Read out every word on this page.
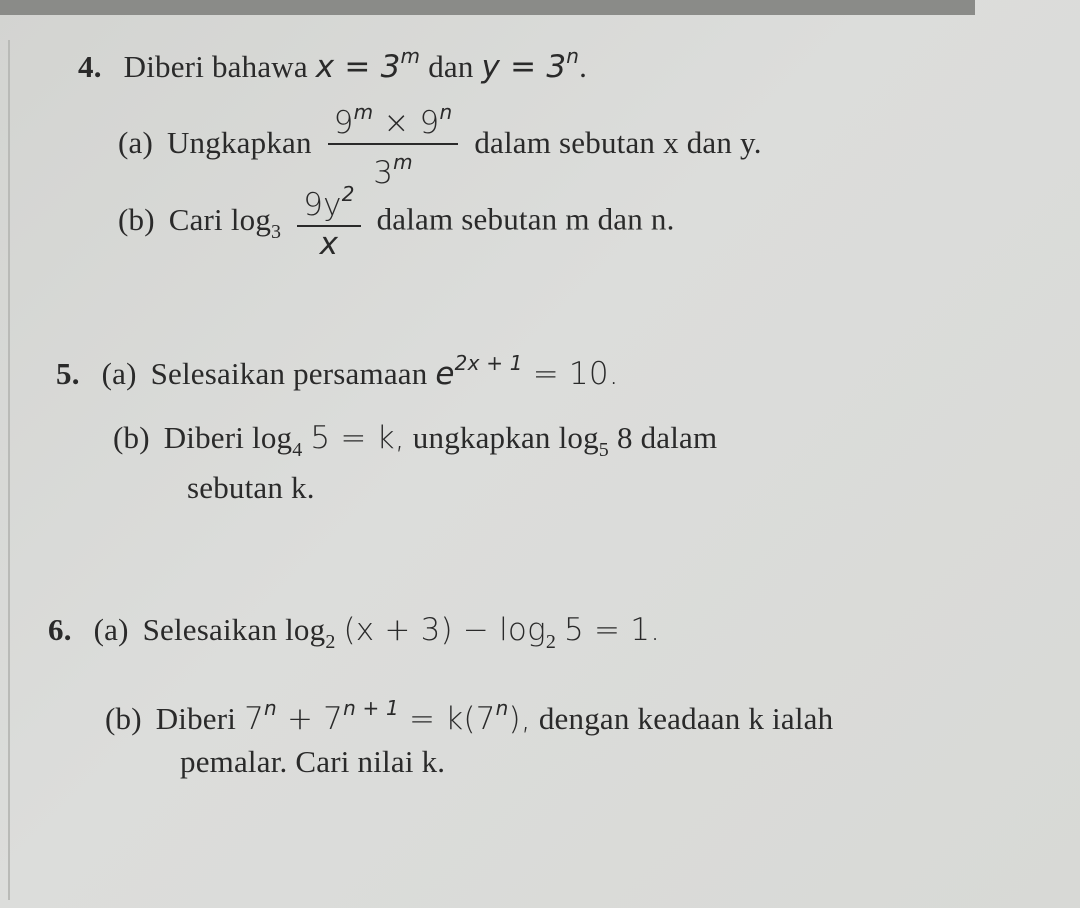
4. Diberi bahawa $x = 3^m$ dan $y = 3^n$.
(a) Ungkapkan $\frac{9^m \times 9^n}{3^m}$ dalam sebutan x dan y.
(b) Cari $\log_3 \frac{9y^2}{x}$ dalam sebutan m dan n.
5. (a) Selesaikan persamaan $e^{2x + 1} = 10$.
(b) Diberi $\log_4 5 = k$, ungkapkan $\log_5 8$ dalam
sebutan k.
6. (a) Selesaikan $\log_2 (x + 3) - \log_2 5 = 1$.
(b) Diberi $7^n + 7^{n + 1} = k(7^n)$, dengan keadaan k ialah
pemalar. Cari nilai k.
